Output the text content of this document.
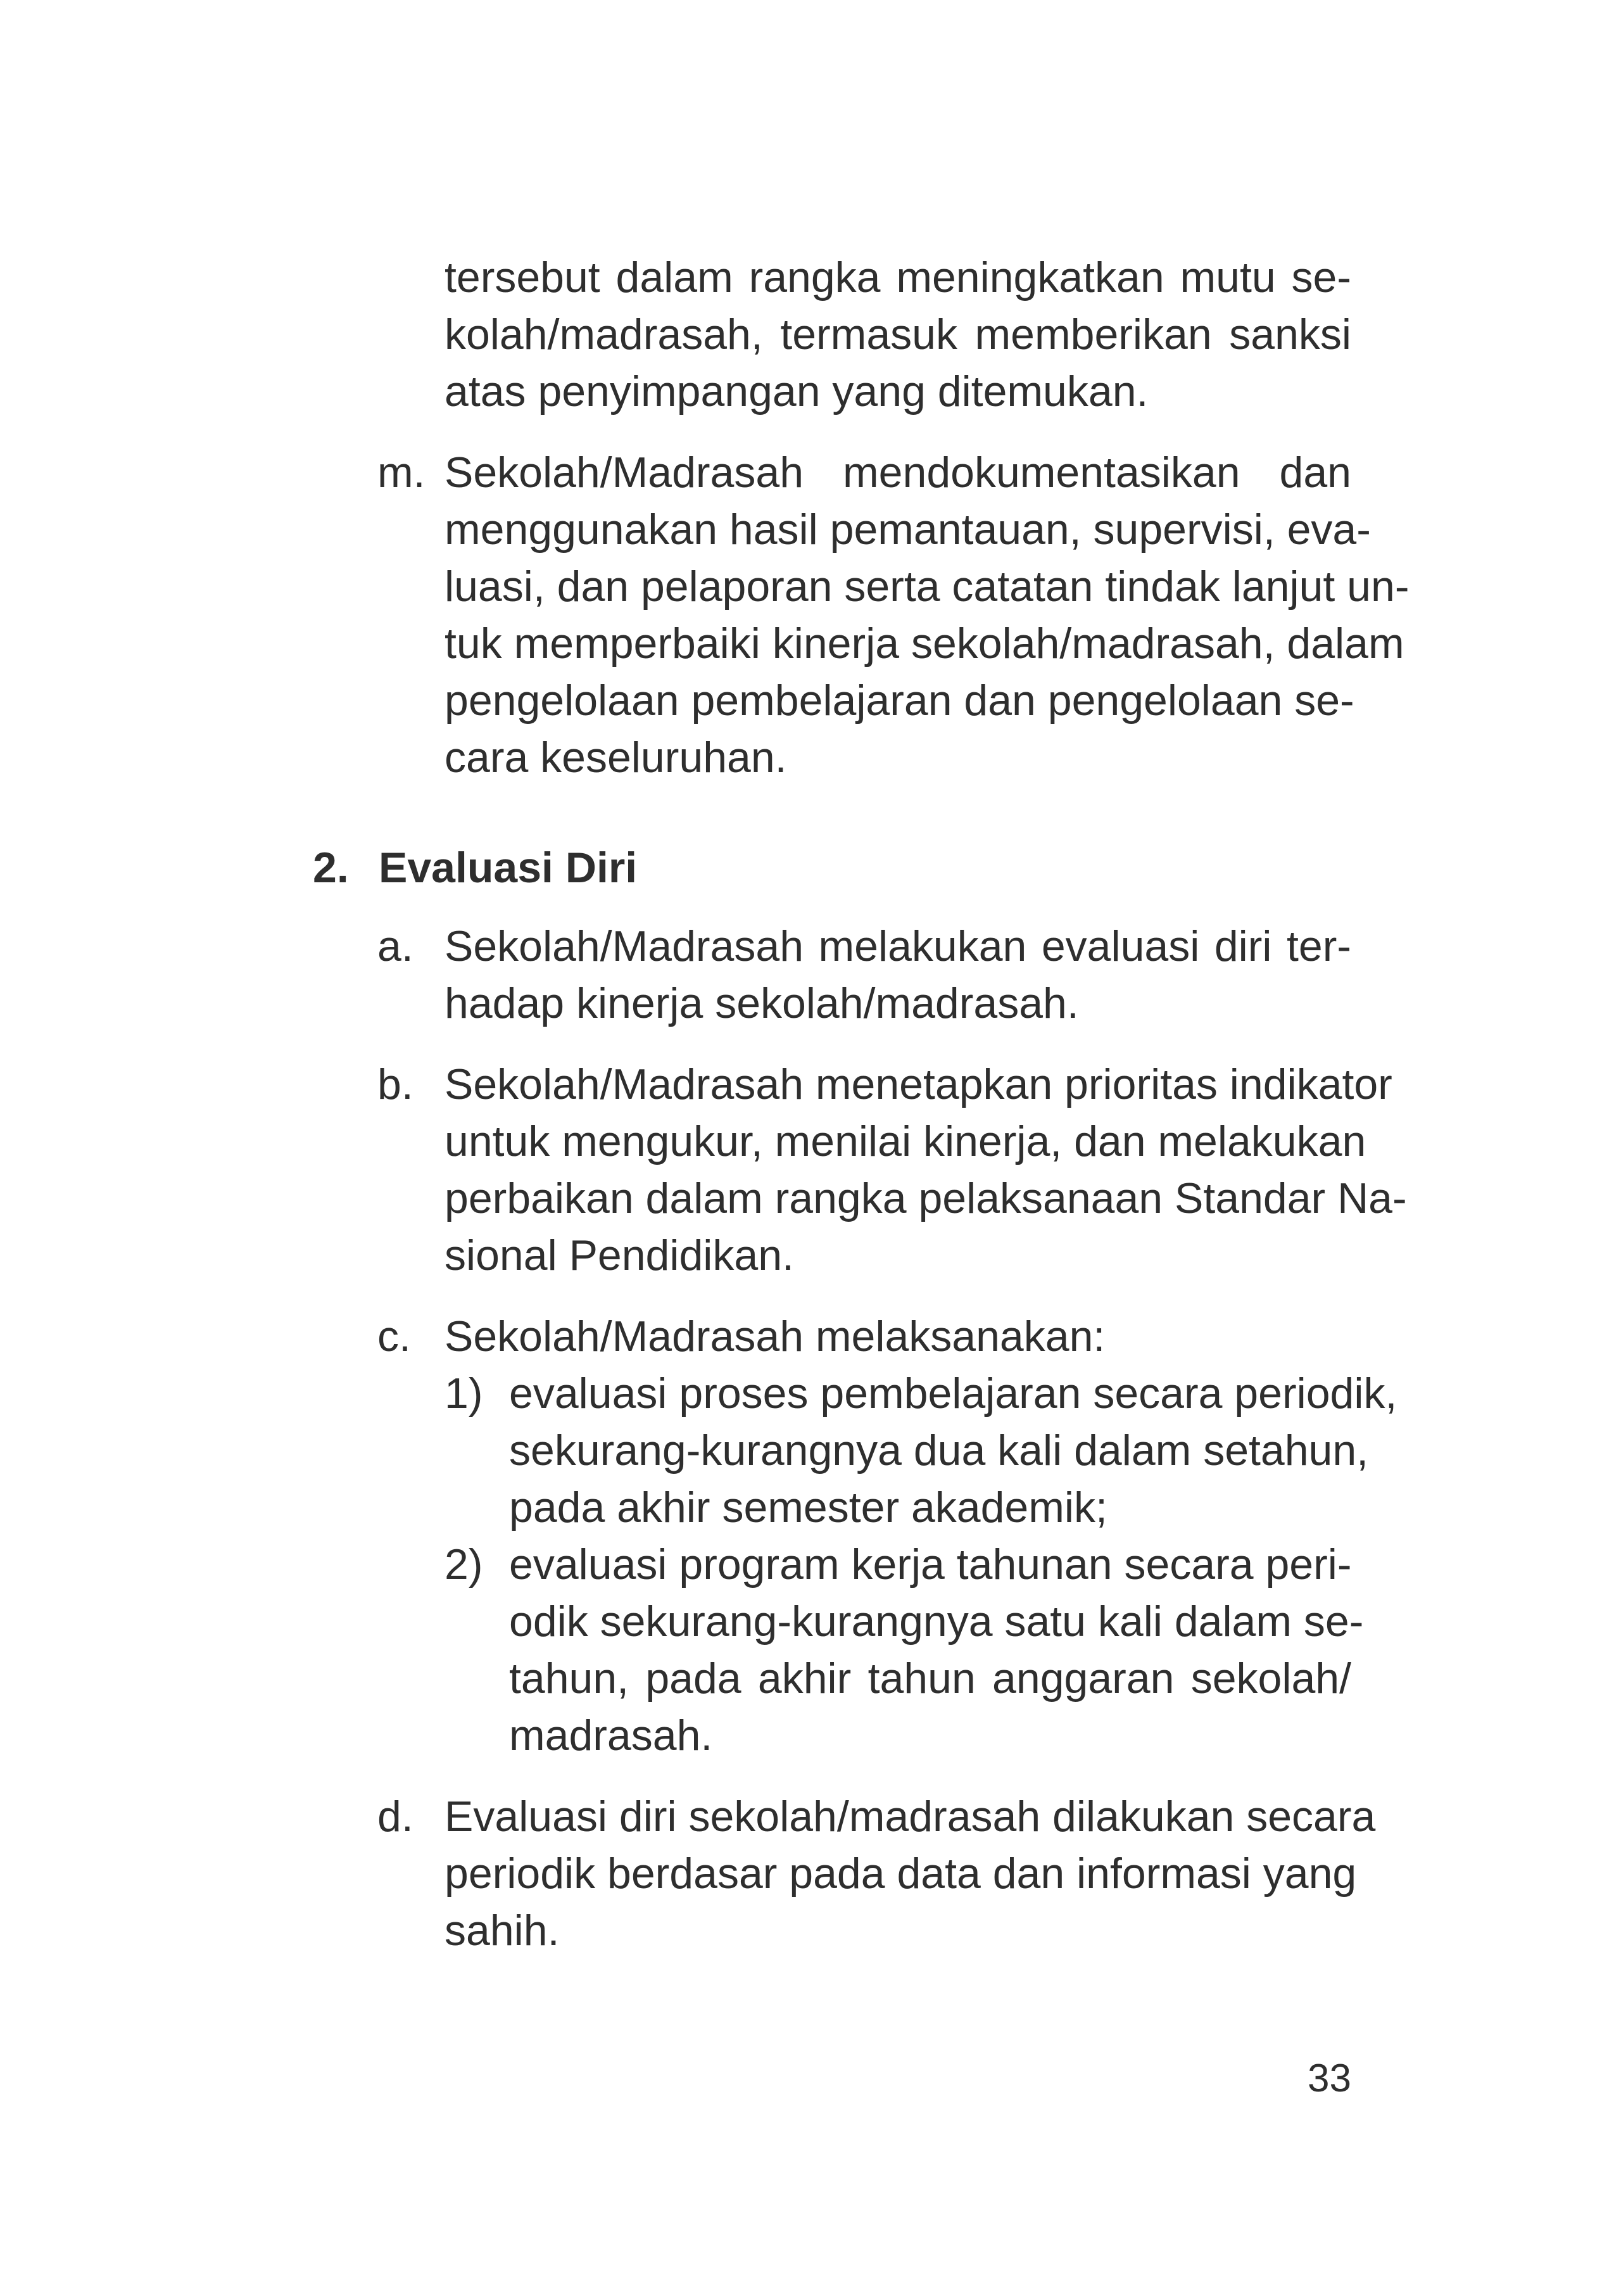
tersebut dalam rangka meningkatkan mutu se-
kolah/madrasah, termasuk memberikan sanksi
atas penyimpangan yang ditemukan.
m. Sekolah/Madrasah mendokumentasikan dan
menggunakan hasil pemantauan, supervisi, eva-
luasi, dan pelaporan serta catatan tindak lanjut un-
tuk memperbaiki kinerja sekolah/madrasah, dalam
pengelolaan pembelajaran dan pengelolaan se-
cara keseluruhan.
2. Evaluasi Diri
a. Sekolah/Madrasah melakukan evaluasi diri ter-
hadap kinerja sekolah/madrasah.
b. Sekolah/Madrasah menetapkan prioritas indikator
untuk mengukur, menilai kinerja, dan melakukan
perbaikan dalam rangka pelaksanaan Standar Na-
sional Pendidikan.
c. Sekolah/Madrasah melaksanakan:
1) evaluasi proses pembelajaran secara periodik,
sekurang-kurangnya dua kali dalam setahun,
pada akhir semester akademik;
2) evaluasi program kerja tahunan secara peri-
odik sekurang-kurangnya satu kali dalam se-
tahun, pada akhir tahun anggaran sekolah/
madrasah.
d. Evaluasi diri sekolah/madrasah dilakukan secara
periodik berdasar pada data dan informasi yang
sahih.
33
